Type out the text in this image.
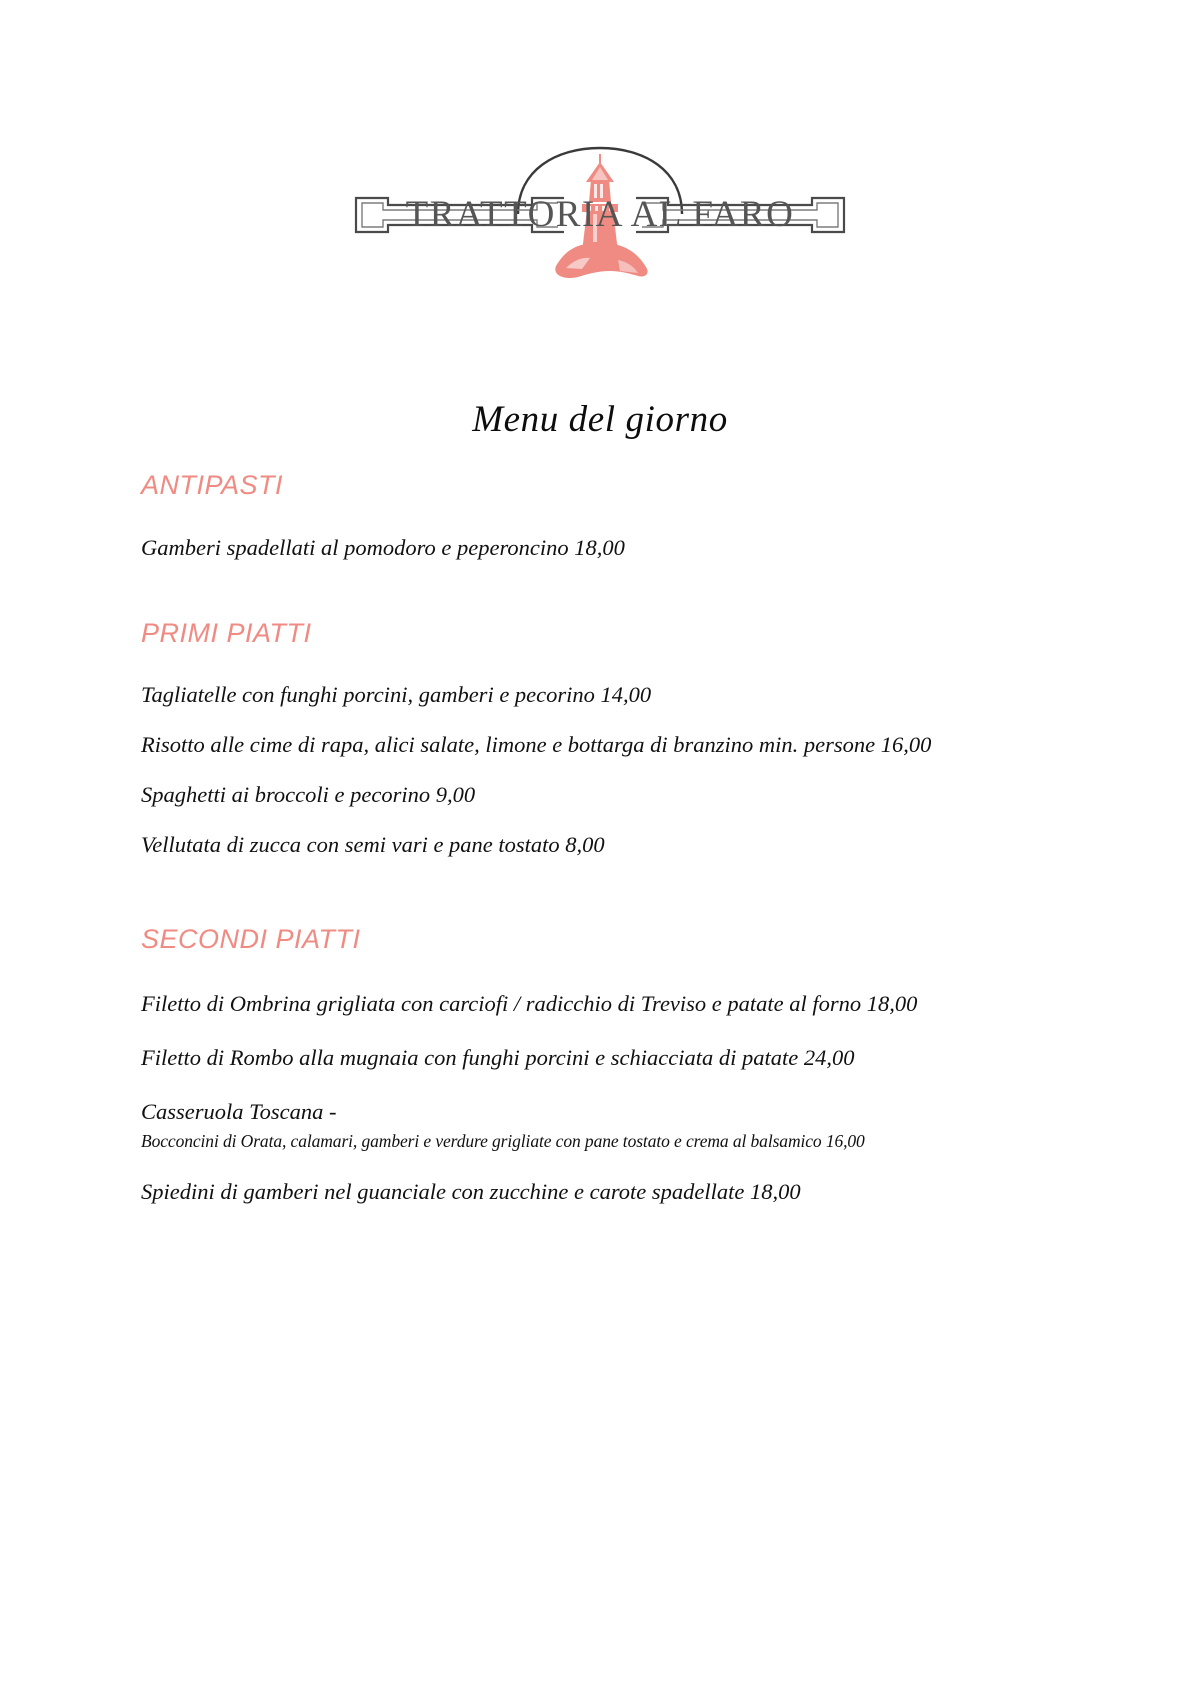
TRATTORIA AL FARO
Menu del giorno
ANTIPASTI
Gamberi spadellati al pomodoro e peperoncino 18,00
PRIMI PIATTI
Tagliatelle con funghi porcini, gamberi e pecorino 14,00
Risotto alle cime di rapa, alici salate, limone e bottarga di branzino min. persone 16,00
Spaghetti ai broccoli e pecorino 9,00
Vellutata di zucca con semi vari e pane tostato 8,00
SECONDI PIATTI
Filetto di Ombrina grigliata con carciofi / radicchio di Treviso e patate al forno 18,00
Filetto di Rombo alla mugnaia con funghi porcini e schiacciata di patate 24,00
Casseruola Toscana -
Bocconcini di Orata, calamari, gamberi e verdure grigliate con pane tostato e crema al balsamico 16,00
Spiedini di gamberi nel guanciale con zucchine e carote spadellate 18,00
